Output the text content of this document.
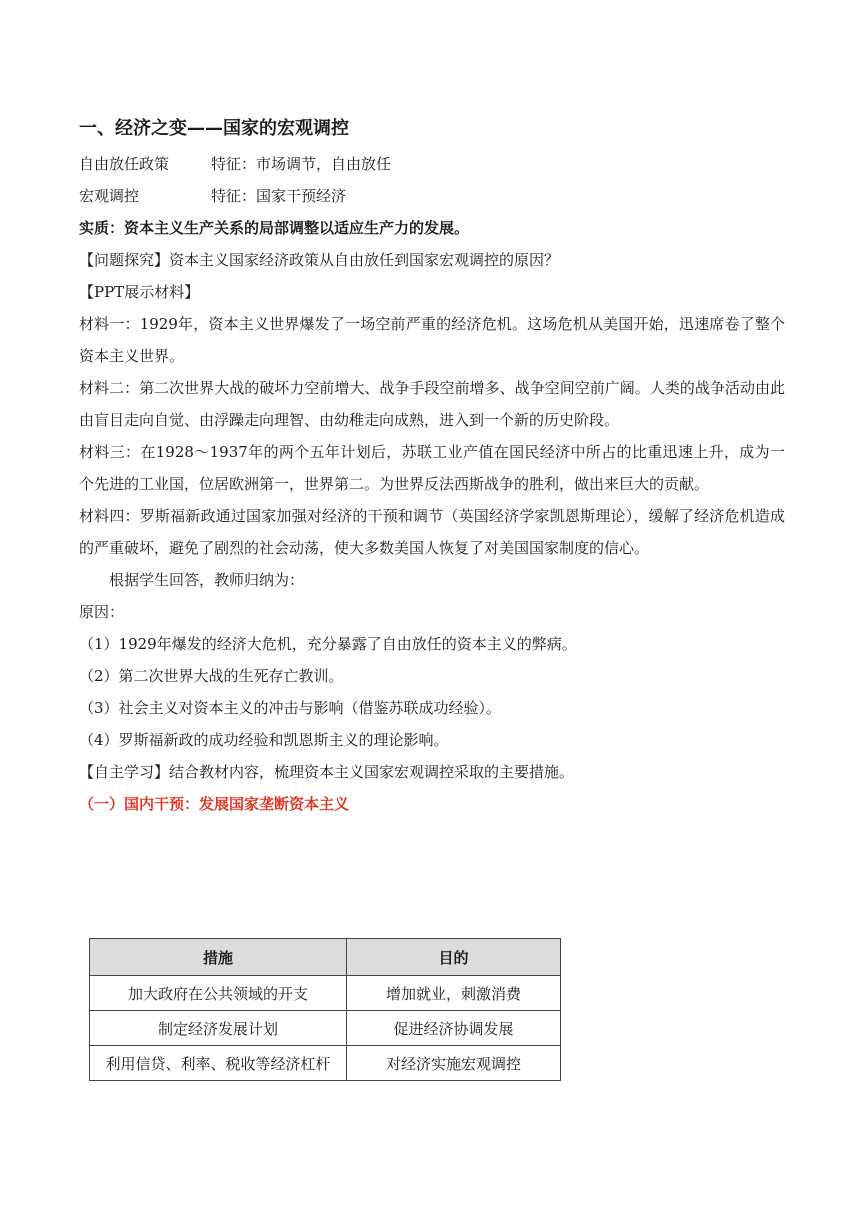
一、经济之变——国家的宏观调控

自由放任政策	特征：市场调节，自由放任

宏观调控	特征：国家干预经济

实质：资本主义生产关系的局部调整以适应生产力的发展。

【问题探究】资本主义国家经济政策从自由放任到国家宏观调控的原因？

【PPT展示材料】

材料一：1929年，资本主义世界爆发了一场空前严重的经济危机。这场危机从美国开始，迅速席卷了整个资本主义世界。

材料二：第二次世界大战的破坏力空前增大、战争手段空前增多、战争空间空前广阔。人类的战争活动由此由盲目走向自觉、由浮躁走向理智、由幼稚走向成熟，进入到一个新的历史阶段。

材料三：在1928～1937年的两个五年计划后，苏联工业产值在国民经济中所占的比重迅速上升，成为一个先进的工业国，位居欧洲第一，世界第二。为世界反法西斯战争的胜利，做出来巨大的贡献。

材料四：罗斯福新政通过国家加强对经济的干预和调节（英国经济学家凯恩斯理论），缓解了经济危机造成的严重破坏，避免了剧烈的社会动荡，使大多数美国人恢复了对美国国家制度的信心。

根据学生回答，教师归纳为：

原因：

（1）1929年爆发的经济大危机，充分暴露了自由放任的资本主义的弊病。

（2）第二次世界大战的生死存亡教训。

（3）社会主义对资本主义的冲击与影响（借鉴苏联成功经验）。

（4）罗斯福新政的成功经验和凯恩斯主义的理论影响。

【自主学习】结合教材内容，梳理资本主义国家宏观调控采取的主要措施。

（一）国内干预：发展国家垄断资本主义

措施	目的
加大政府在公共领域的开支	增加就业，刺激消费
制定经济发展计划	促进经济协调发展
利用信贷、利率、税收等经济杠杆	对经济实施宏观调控
